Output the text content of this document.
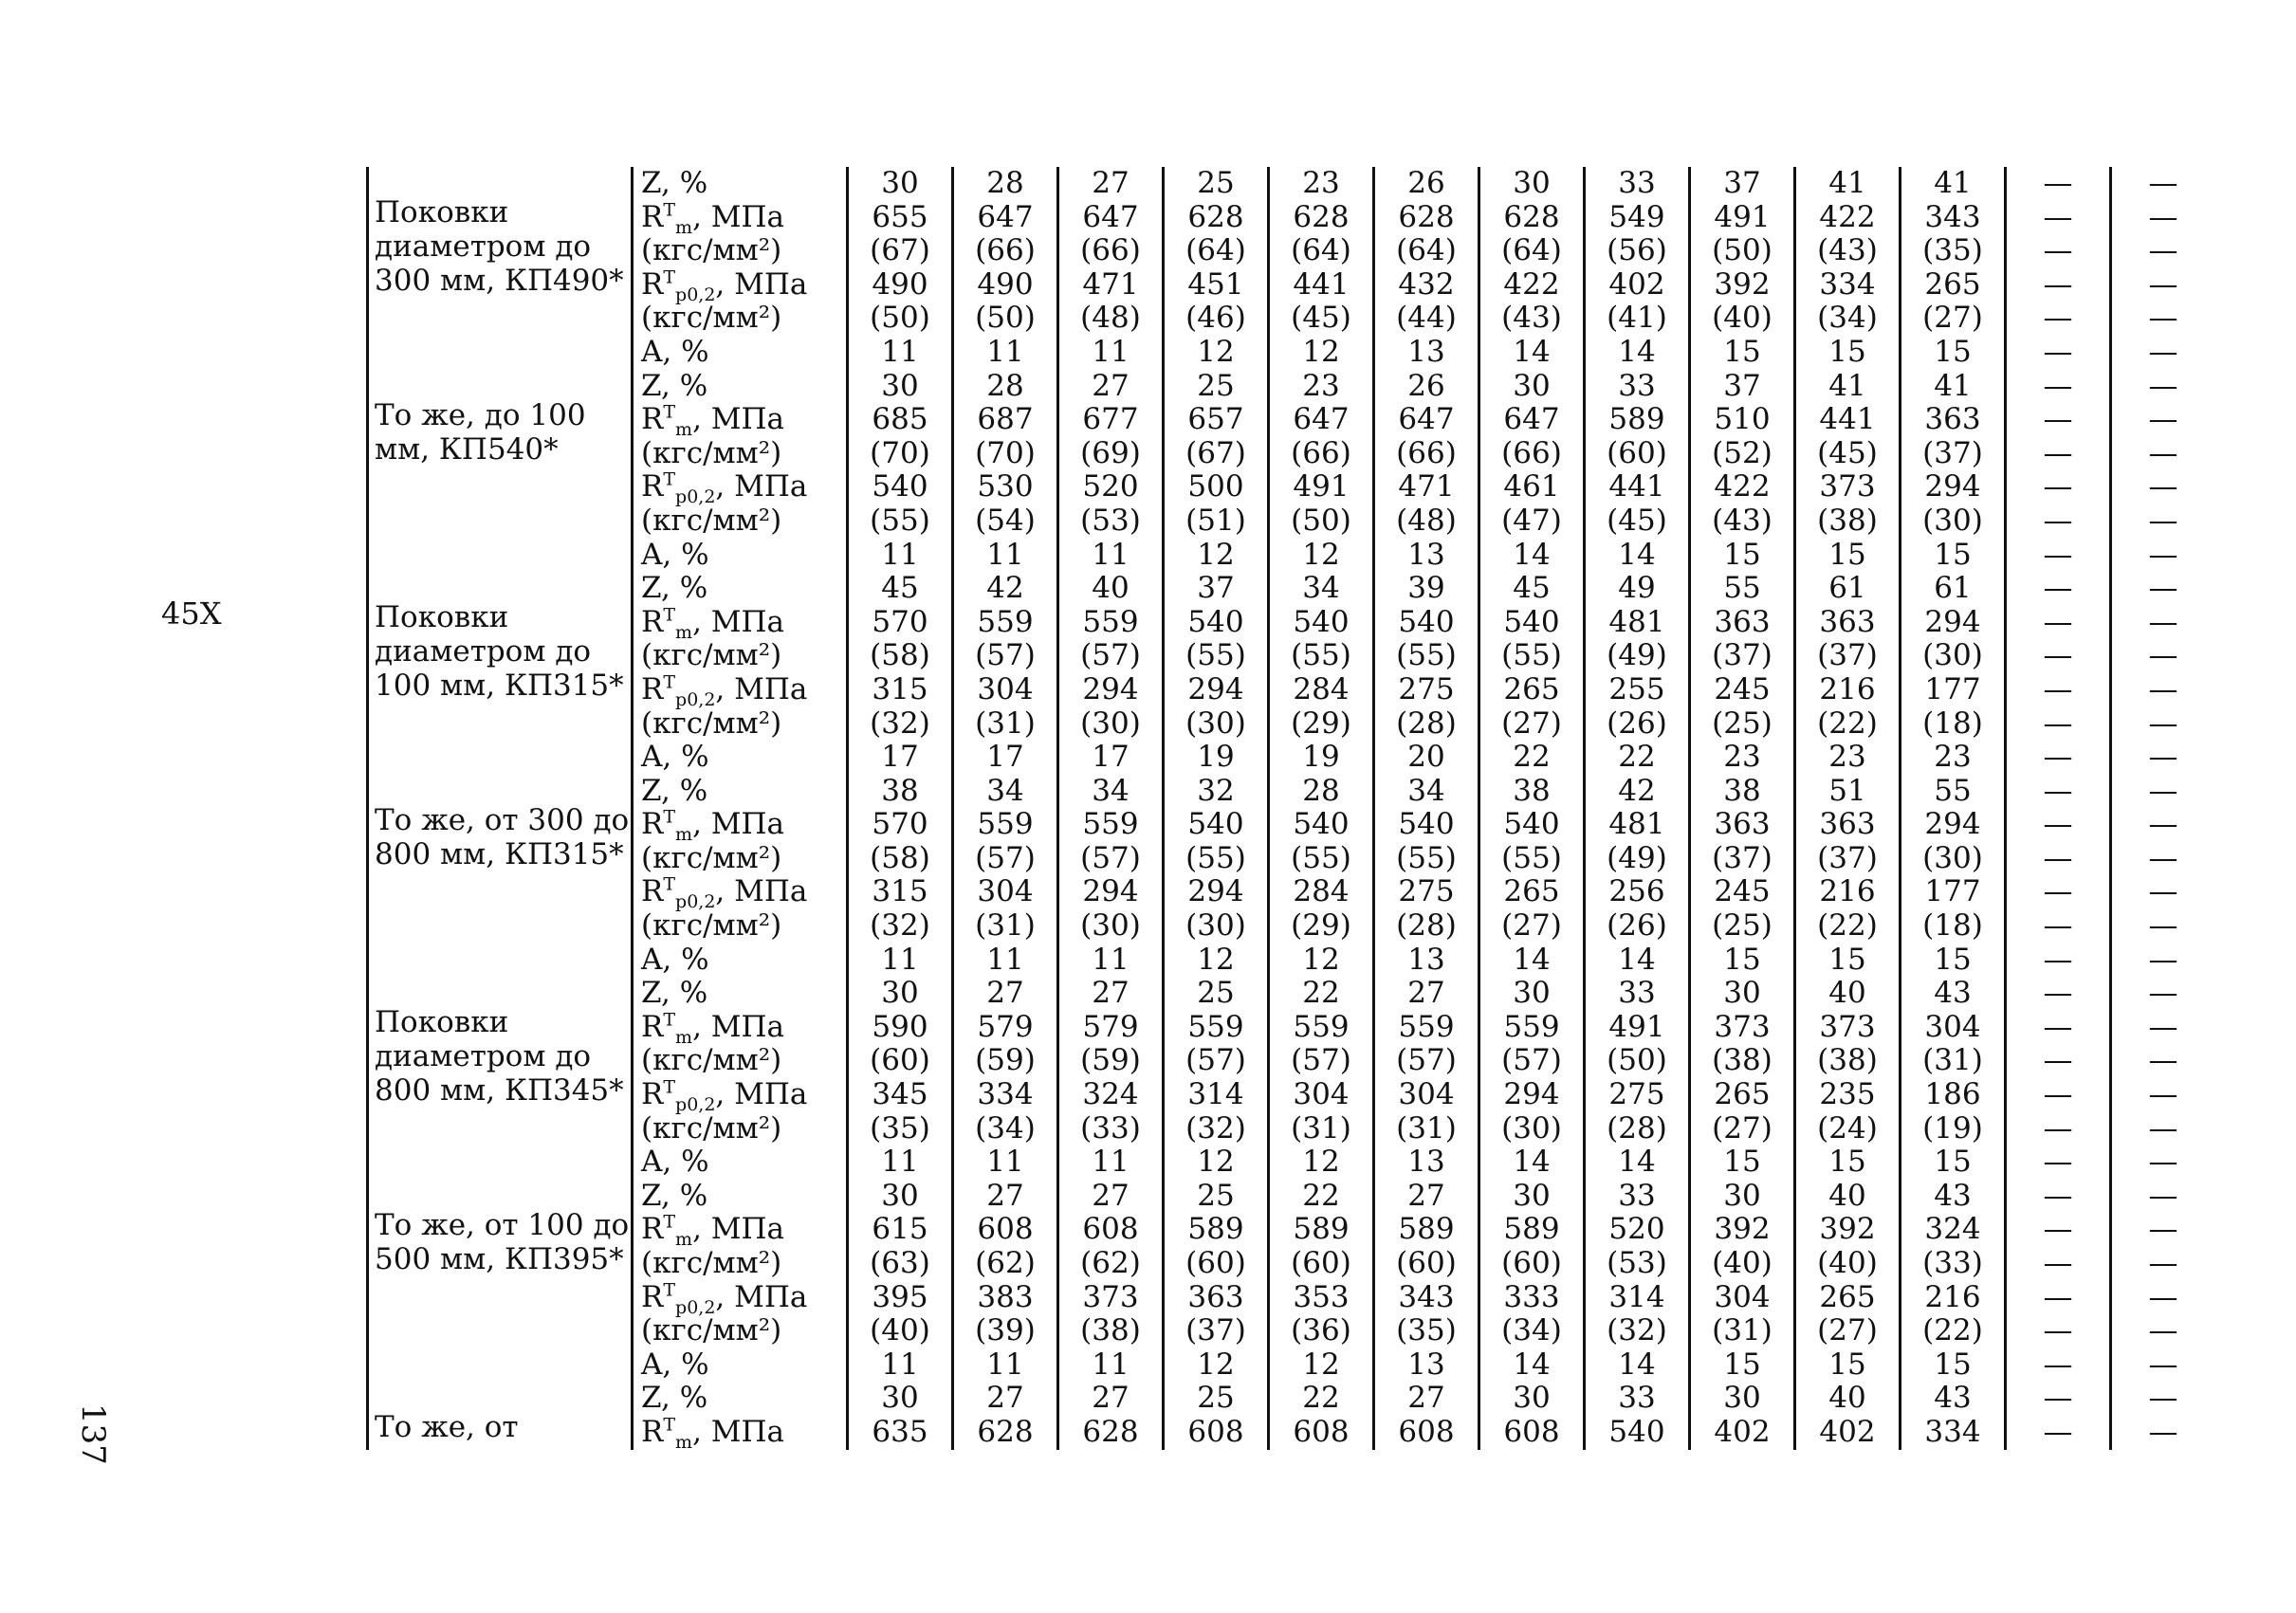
45X
137
Поковки диаметром до 300 мм, КП490*	Z, %	30	28	27	25	23	26	30	33	37	41	41	—	—
	$R^T_m$, МПа	655	647	647	628	628	628	628	549	491	422	343	—	—
	(кгс/мм²)	(67)	(66)	(66)	(64)	(64)	(64)	(64)	(56)	(50)	(43)	(35)	—	—
	$R^T_{p0,2}$, МПа	490	490	471	451	441	432	422	402	392	334	265	—	—
	(кгс/мм²)	(50)	(50)	(48)	(46)	(45)	(44)	(43)	(41)	(40)	(34)	(27)	—	—
	A, %	11	11	11	12	12	13	14	14	15	15	15	—	—
То же, до 100 мм, КП540*	Z, %	30	28	27	25	23	26	30	33	37	41	41	—	—
	$R^T_m$, МПа	685	687	677	657	647	647	647	589	510	441	363	—	—
	(кгс/мм²)	(70)	(70)	(69)	(67)	(66)	(66)	(66)	(60)	(52)	(45)	(37)	—	—
	$R^T_{p0,2}$, МПа	540	530	520	500	491	471	461	441	422	373	294	—	—
	(кгс/мм²)	(55)	(54)	(53)	(51)	(50)	(48)	(47)	(45)	(43)	(38)	(30)	—	—
	A, %	11	11	11	12	12	13	14	14	15	15	15	—	—
Поковки диаметром до 100 мм, КП315*	Z, %	45	42	40	37	34	39	45	49	55	61	61	—	—
	$R^T_m$, МПа	570	559	559	540	540	540	540	481	363	363	294	—	—
	(кгс/мм²)	(58)	(57)	(57)	(55)	(55)	(55)	(55)	(49)	(37)	(37)	(30)	—	—
	$R^T_{p0,2}$, МПа	315	304	294	294	284	275	265	255	245	216	177	—	—
	(кгс/мм²)	(32)	(31)	(30)	(30)	(29)	(28)	(27)	(26)	(25)	(22)	(18)	—	—
	A, %	17	17	17	19	19	20	22	22	23	23	23	—	—
То же, от 300 до 800 мм, КП315*	Z, %	38	34	34	32	28	34	38	42	38	51	55	—	—
	$R^T_m$, МПа	570	559	559	540	540	540	540	481	363	363	294	—	—
	(кгс/мм²)	(58)	(57)	(57)	(55)	(55)	(55)	(55)	(49)	(37)	(37)	(30)	—	—
	$R^T_{p0,2}$, МПа	315	304	294	294	284	275	265	256	245	216	177	—	—
	(кгс/мм²)	(32)	(31)	(30)	(30)	(29)	(28)	(27)	(26)	(25)	(22)	(18)	—	—
	A, %	11	11	11	12	12	13	14	14	15	15	15	—	—
Поковки диаметром до 800 мм, КП345*	Z, %	30	27	27	25	22	27	30	33	30	40	43	—	—
	$R^T_m$, МПа	590	579	579	559	559	559	559	491	373	373	304	—	—
	(кгс/мм²)	(60)	(59)	(59)	(57)	(57)	(57)	(57)	(50)	(38)	(38)	(31)	—	—
	$R^T_{p0,2}$, МПа	345	334	324	314	304	304	294	275	265	235	186	—	—
	(кгс/мм²)	(35)	(34)	(33)	(32)	(31)	(31)	(30)	(28)	(27)	(24)	(19)	—	—
	A, %	11	11	11	12	12	13	14	14	15	15	15	—	—
То же, от 100 до 500 мм, КП395*	Z, %	30	27	27	25	22	27	30	33	30	40	43	—	—
	$R^T_m$, МПа	615	608	608	589	589	589	589	520	392	392	324	—	—
	(кгс/мм²)	(63)	(62)	(62)	(60)	(60)	(60)	(60)	(53)	(40)	(40)	(33)	—	—
	$R^T_{p0,2}$, МПа	395	383	373	363	353	343	333	314	304	265	216	—	—
	(кгс/мм²)	(40)	(39)	(38)	(37)	(36)	(35)	(34)	(32)	(31)	(27)	(22)	—	—
	A, %	11	11	11	12	12	13	14	14	15	15	15	—	—
То же, от	Z, %	30	27	27	25	22	27	30	33	30	40	43	—	—
	$R^T_m$, МПа	635	628	628	608	608	608	608	540	402	402	334	—	—
